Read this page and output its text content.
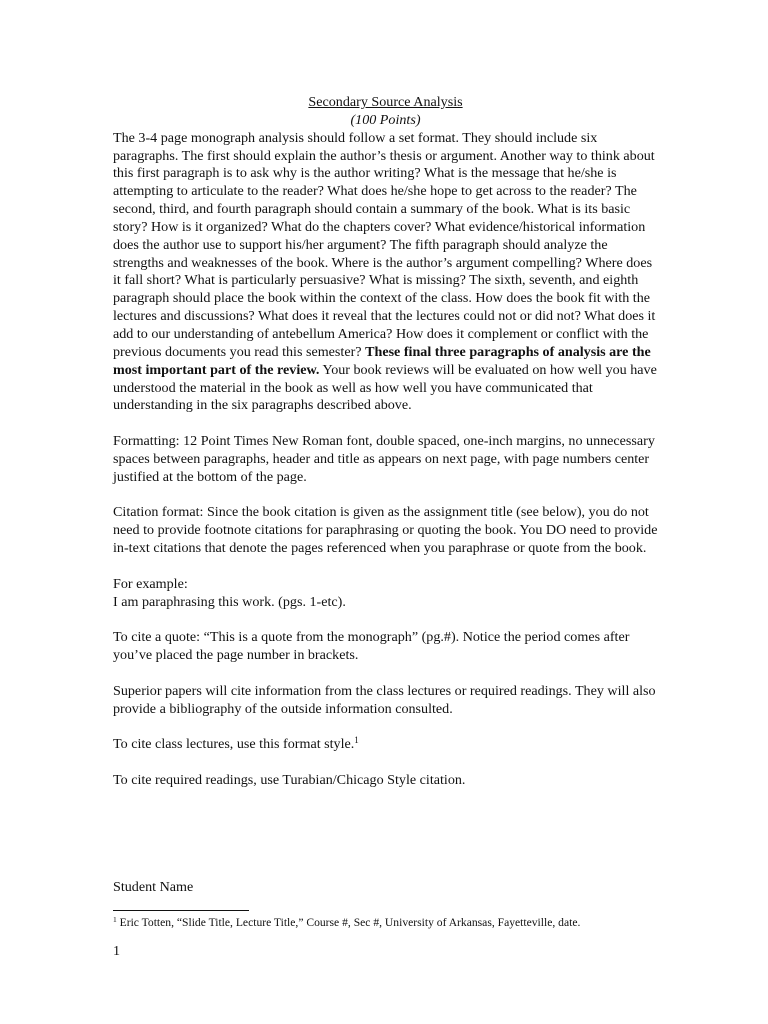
Secondary Source Analysis

(100 Points)

The 3-4 page monograph analysis should follow a set format. They should include six paragraphs. The first should explain the author’s thesis or argument. Another way to think about this first paragraph is to ask why is the author writing? What is the message that he/she is attempting to articulate to the reader? What does he/she hope to get across to the reader? The second, third, and fourth paragraph should contain a summary of the book. What is its basic story? How is it organized? What do the chapters cover? What evidence/historical information does the author use to support his/her argument? The fifth paragraph should analyze the strengths and weaknesses of the book. Where is the author’s argument compelling? Where does it fall short? What is particularly persuasive? What is missing? The sixth, seventh, and eighth paragraph should place the book within the context of the class. How does the book fit with the lectures and discussions? What does it reveal that the lectures could not or did not? What does it add to our understanding of antebellum America? How does it complement or conflict with the previous documents you read this semester? These final three paragraphs of analysis are the most important part of the review. Your book reviews will be evaluated on how well you have understood the material in the book as well as how well you have communicated that understanding in the six paragraphs described above.

Formatting: 12 Point Times New Roman font, double spaced, one-inch margins, no unnecessary spaces between paragraphs, header and title as appears on next page, with page numbers center justified at the bottom of the page.

Citation format: Since the book citation is given as the assignment title (see below), you do not need to provide footnote citations for paraphrasing or quoting the book. You DO need to provide in-text citations that denote the pages referenced when you paraphrase or quote from the book.

For example:

I am paraphrasing this work. (pgs. 1-etc).

To cite a quote: “This is a quote from the monograph” (pg.#). Notice the period comes after you’ve placed the page number in brackets.

Superior papers will cite information from the class lectures or required readings. They will also provide a bibliography of the outside information consulted.

To cite class lectures, use this format style.$^1$

To cite required readings, use Turabian/Chicago Style citation.

Student Name
$^1$ Eric Totten, “Slide Title, Lecture Title,” Course #, Sec #, University of Arkansas, Fayetteville, date.
1
